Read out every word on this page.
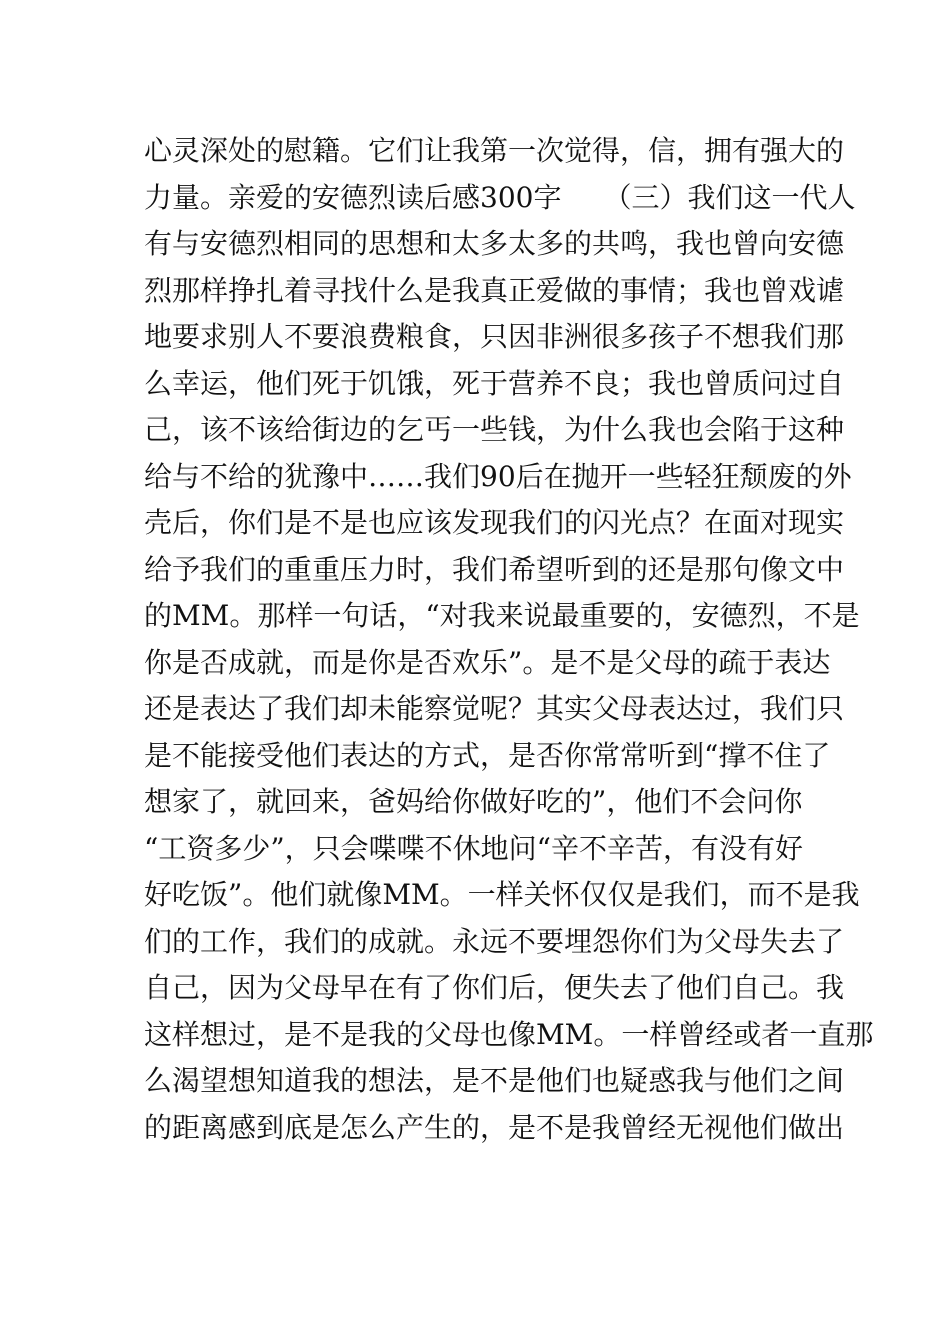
心灵深处的慰籍。它们让我第一次觉得，信，拥有强大的
力量。亲爱的安德烈读后感300字　　（三）我们这一代人
有与安德烈相同的思想和太多太多的共鸣，我也曾向安德
烈那样挣扎着寻找什么是我真正爱做的事情；我也曾戏谑
地要求别人不要浪费粮食，只因非洲很多孩子不想我们那
么幸运，他们死于饥饿，死于营养不良；我也曾质问过自
己，该不该给街边的乞丐一些钱，为什么我也会陷于这种
给与不给的犹豫中……我们90后在抛开一些轻狂颓废的外
壳后，你们是不是也应该发现我们的闪光点？在面对现实
给予我们的重重压力时，我们希望听到的还是那句像文中
的MM。那样一句话，“对我来说最重要的，安德烈，不是
你是否成就，而是你是否欢乐”。是不是父母的疏于表达
还是表达了我们却未能察觉呢？其实父母表达过，我们只
是不能接受他们表达的方式，是否你常常听到“撑不住了
想家了，就回来，爸妈给你做好吃的”，他们不会问你
“工资多少”，只会喋喋不休地问“辛不辛苦，有没有好
好吃饭”。他们就像MM。一样关怀仅仅是我们，而不是我
们的工作，我们的成就。永远不要埋怨你们为父母失去了
自己，因为父母早在有了你们后，便失去了他们自己。我
这样想过，是不是我的父母也像MM。一样曾经或者一直那
么渴望想知道我的想法，是不是他们也疑惑我与他们之间
的距离感到底是怎么产生的，是不是我曾经无视他们做出
